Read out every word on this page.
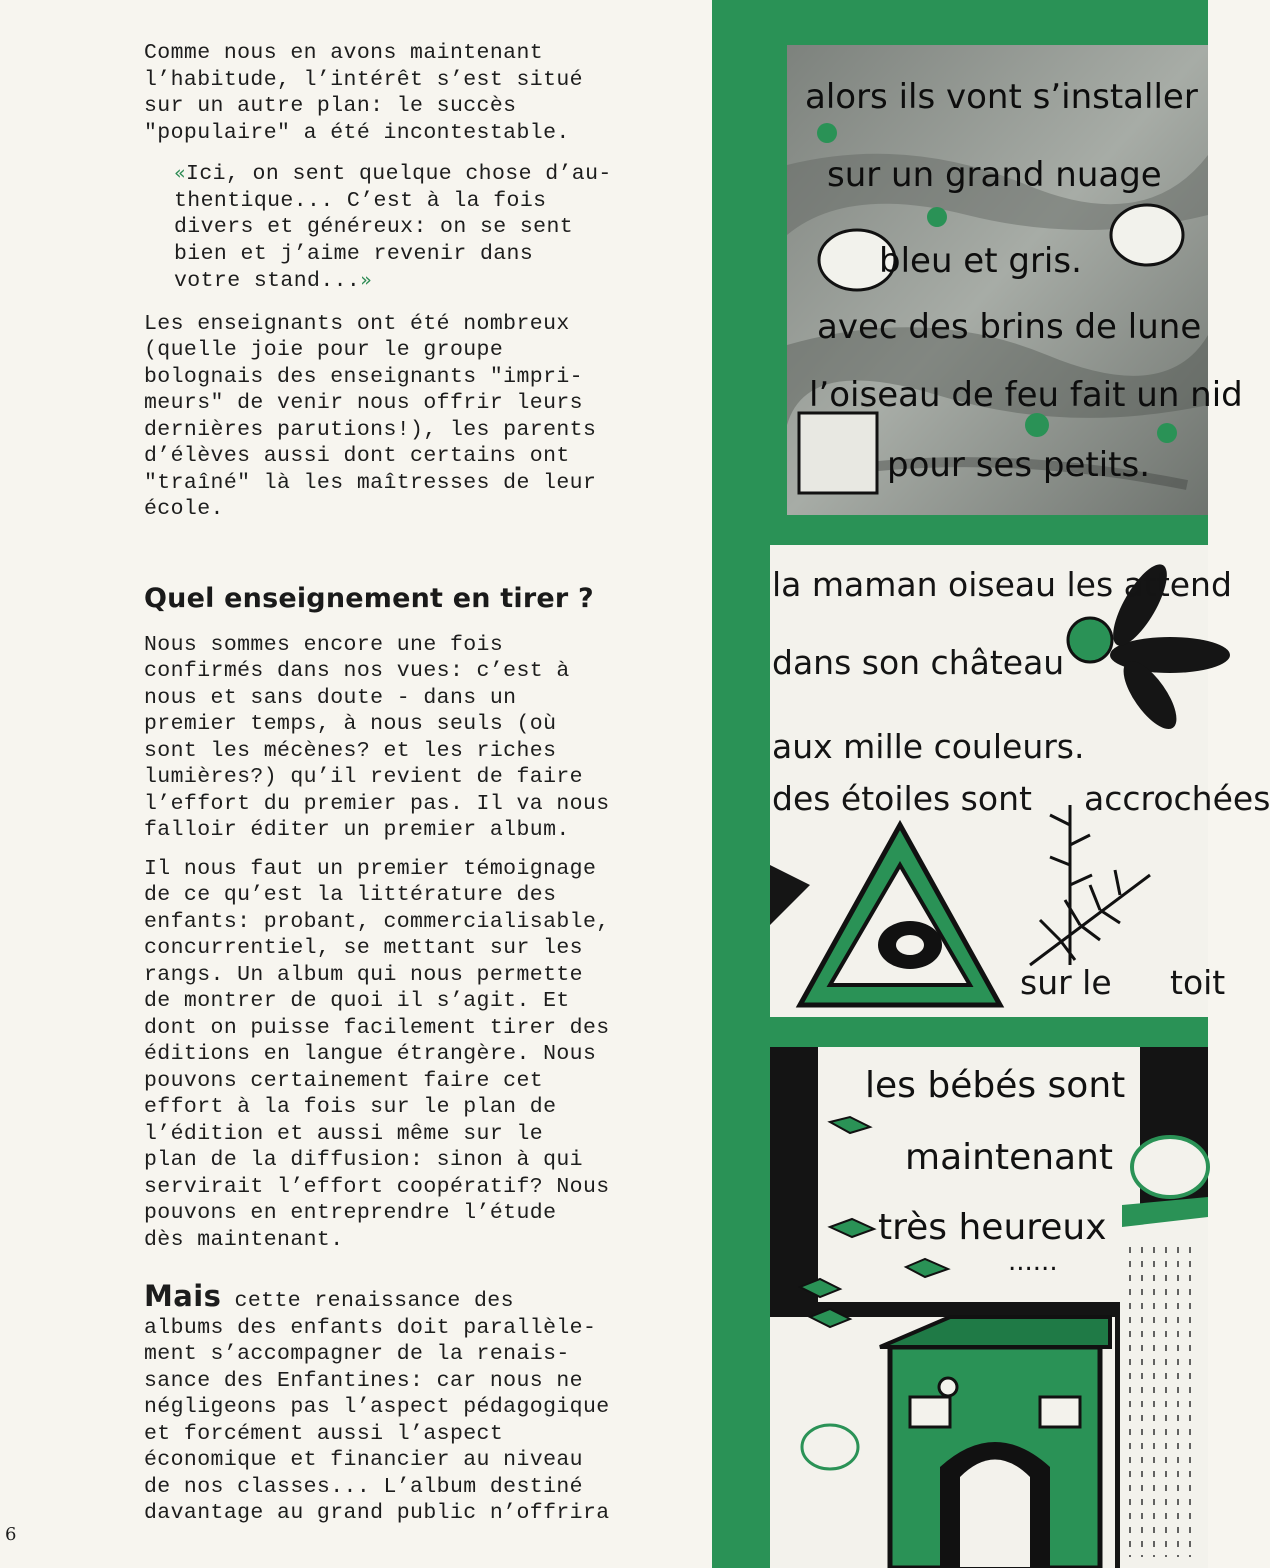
Comme nous en avons maintenant
l’habitude, l’intérêt s’est situé
sur un autre plan: le succès
"populaire" a été incontestable.

«Ici, on sent quelque chose d’au-
thentique... C’est à la fois
divers et généreux: on se sent
bien et j’aime revenir dans
votre stand...»

Les enseignants ont été nombreux
(quelle joie pour le groupe
bolognais des enseignants "impri-
meurs" de venir nous offrir leurs
dernières parutions!), les parents
d’élèves aussi dont certains ont
"traîné" là les maîtresses de leur
école.

Quel enseignement en tirer ?

Nous sommes encore une fois
confirmés dans nos vues: c’est à
nous et sans doute - dans un
premier temps, à nous seuls (où
sont les mécènes? et les riches
lumières?) qu’il revient de faire
l’effort du premier pas. Il va nous
falloir éditer un premier album.

Il nous faut un premier témoignage
de ce qu’est la littérature des
enfants: probant, commercialisable,
concurrentiel, se mettant sur les
rangs. Un album qui nous permette
de montrer de quoi il s’agit. Et
dont on puisse facilement tirer des
éditions en langue étrangère. Nous
pouvons certainement faire cet
effort à la fois sur le plan de
l’édition et aussi même sur le
plan de la diffusion: sinon à qui
servirait l’effort coopératif? Nous
pouvons en entreprendre l’étude
dès maintenant.

Mais cette renaissance des

albums des enfants doit parallèle-
ment s’accompagner de la renais-
sance des Enfantines: car nous ne
négligeons pas l’aspect pédagogique
et forcément aussi l’aspect
économique et financier au niveau
de nos classes... L’album destiné
davantage au grand public n’offrira

6
alors ils vont s’installer
sur un grand nuage
bleu et gris.
avec des brins de lune
l’oiseau de feu fait un nid
pour ses petits.
la maman oiseau les attend
dans son château
aux mille couleurs.
des étoiles sont accrochées
sur le toit
les bébés sont
maintenant
très heureux
......
